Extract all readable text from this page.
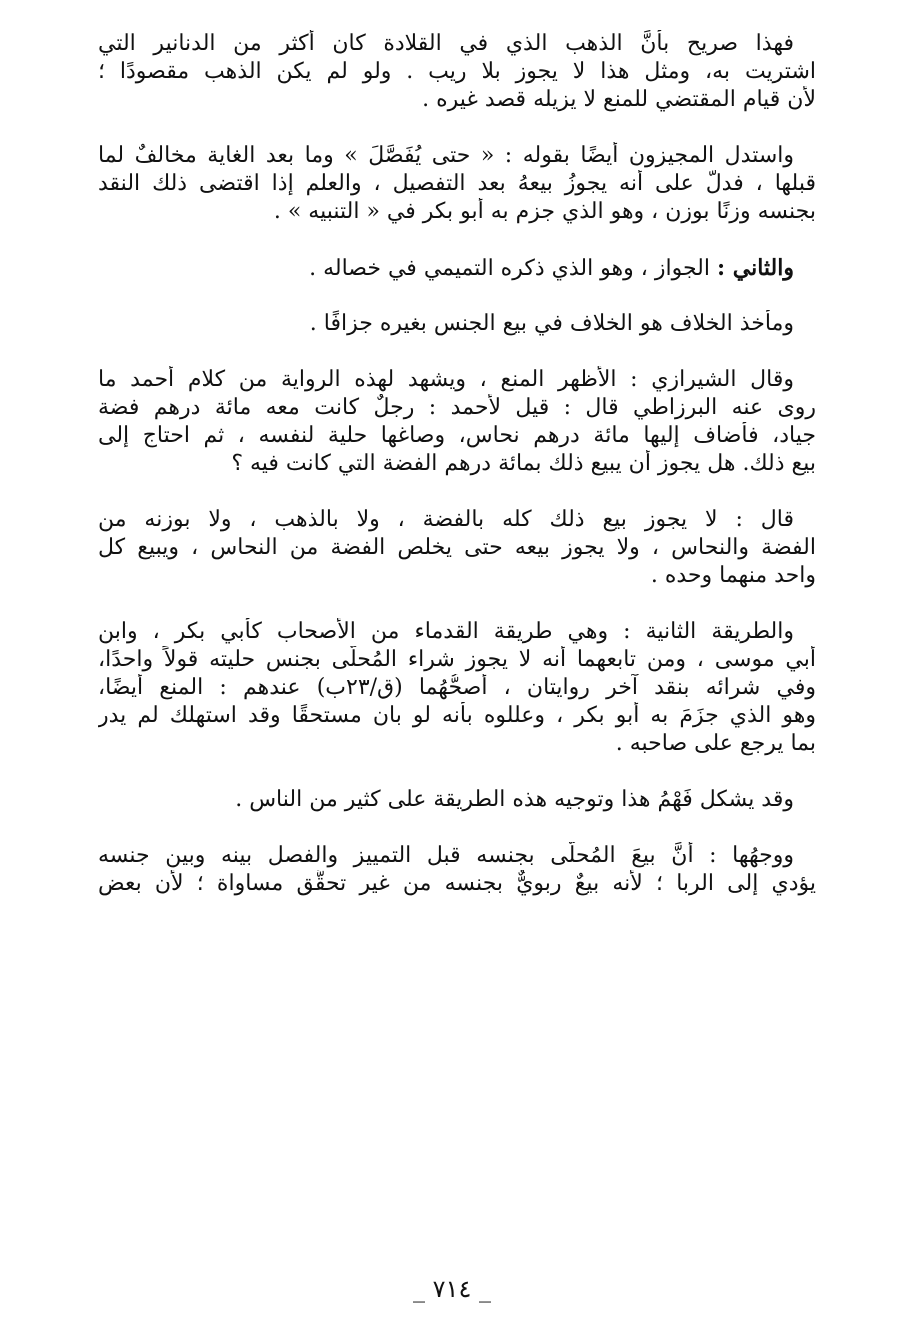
فهذا صريح بأنَّ الذهب الذي في القلادة كان أكثر من الدنانير التي
اشتريت به، ومثل هذا لا يجوز بلا ريب . ولو لم يكن الذهب مقصودًا ؛
لأن قيام المقتضي للمنع لا يزيله قصد غيره .
واستدل المجيزون أيضًا بقوله : « حتى يُفَصَّلَ » وما بعد الغاية مخالفٌ لما
قبلها ، فدلَّ على أنه يجوزُ بيعهُ بعد التفصيل ، والعلم إذا اقتضى ذلك النقد
بجنسه وزنًا بوزن ، وهو الذي جزم به أبو بكر في « التنبيه » .
والثاني : الجواز ، وهو الذي ذكره التميمي في خصاله .
ومأخذ الخلاف هو الخلاف في بيع الجنس بغيره جزافًا .
وقال الشيرازي : الأظهر المنع ، ويشهد لهذه الرواية من كلام أحمد ما
روى عنه البرزاطي قال : قيل لأحمد : رجلٌ كانت معه مائة درهم فضة
جياد، فأضاف إليها مائة درهم نحاس، وصاغها حلية لنفسه ، ثم احتاج إلى
بيع ذلك. هل يجوز أن يبيع ذلك بمائة درهم الفضة التي كانت فيه ؟
قال : لا يجوز بيع ذلك كله بالفضة ، ولا بالذهب ، ولا بوزنه من
الفضة والنحاس ، ولا يجوز بيعه حتى يخلص الفضة من النحاس ، ويبيع كل
واحد منهما وحده .
والطريقة الثانية : وهي طريقة القدماء من الأصحاب كأبي بكر ، وابن
أبي موسى ، ومن تابعهما أنه لا يجوز شراء المُحلَّى بجنس حليته قولاً واحدًا،
وفي شرائه بنقد آخر روايتان ، أصحُّهُما (ق/٢٣ب) عندهم : المنع أيضًا،
وهو الذي جزَمَ به أبو بكر ، وعللوه بأنه لو بان مستحقًا وقد استهلك لم يدر
بما يرجع على صاحبه .
وقد يشكل فَهْمُ هذا وتوجيه هذه الطريقة على كثير من الناس .
ووجهُها : أنَّ بيعَ المُحلَّى بجنسه قبل التمييز والفصل بينه وبين جنسه
يؤدي إلى الربا ؛ لأنه بيعٌ ربويٌّ بجنسه من غير تحقُّق مساواة ؛ لأن بعض
_ ٧١٤ _
